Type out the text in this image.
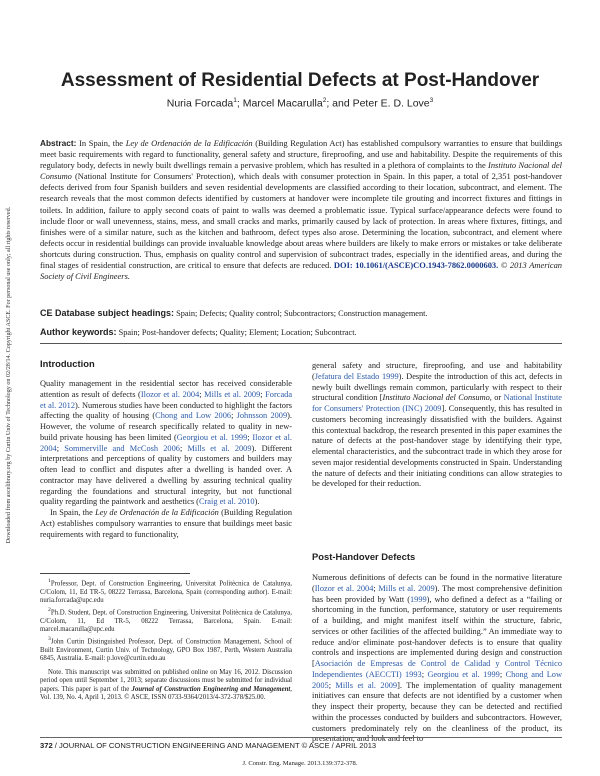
Downloaded from ascelibrary.org by Curtin Univ of Technology on 02/28/14. Copyright ASCE. For personal use only; all rights reserved.
Assessment of Residential Defects at Post-Handover
Nuria Forcada$^1$; Marcel Macarulla$^2$; and Peter E. D. Love$^3$
Abstract: In Spain, the Ley de Ordenación de la Edificación (Building Regulation Act) has established compulsory warranties to ensure that buildings meet basic requirements with regard to functionality, general safety and structure, fireproofing, and use and habitability. Despite the requirements of this regulatory body, defects in newly built dwellings remain a pervasive problem, which has resulted in a plethora of complaints to the Instituto Nacional del Consumo (National Institute for Consumers' Protection), which deals with consumer protection in Spain. In this paper, a total of 2,351 post-handover defects derived from four Spanish builders and seven residential developments are classified according to their location, subcontract, and element. The research reveals that the most common defects identified by customers at handover were incomplete tile grouting and incorrect fixtures and fittings in toilets. In addition, failure to apply second coats of paint to walls was deemed a problematic issue. Typical surface/appearance defects were found to include floor or wall unevenness, stains, mess, and small cracks and marks, primarily caused by lack of protection. In areas where fixtures, fittings, and finishes were of a similar nature, such as the kitchen and bathroom, defect types also arose. Determining the location, subcontract, and element where defects occur in residential buildings can provide invaluable knowledge about areas where builders are likely to make errors or mistakes or take deliberate shortcuts during construction. Thus, emphasis on quality control and supervision of subcontract trades, especially in the identified areas, and during the final stages of residential construction, are critical to ensure that defects are reduced. DOI: 10.1061/(ASCE)CO.1943-7862.0000603. © 2013 American Society of Civil Engineers.
CE Database subject headings: Spain; Defects; Quality control; Subcontractors; Construction management.
Author keywords: Spain; Post-handover defects; Quality; Element; Location; Subcontract.
Introduction

Quality management in the residential sector has received considerable attention as result of defects (Ilozor et al. 2004; Mills et al. 2009; Forcada et al. 2012). Numerous studies have been conducted to highlight the factors affecting the quality of housing (Chong and Low 2006; Johnsson 2009). However, the volume of research specifically related to quality in new-build private housing has been limited (Georgiou et al. 1999; Ilozor et al. 2004; Sommerville and McCosh 2006; Mills et al. 2009). Different interpretations and perceptions of quality by customers and builders may often lead to conflict and disputes after a dwelling is handed over. A contractor may have delivered a dwelling by assuring technical quality regarding the foundations and structural integrity, but not functional quality regarding the paintwork and aesthetics (Craig et al. 2010).

In Spain, the Ley de Ordenación de la Edificación (Building Regulation Act) establishes compulsory warranties to ensure that buildings meet basic requirements with regard to functionality,

general safety and structure, fireproofing, and use and habitability (Jefatura del Estado 1999). Despite the introduction of this act, defects in newly built dwellings remain common, particularly with respect to their structural condition [Instituto Nacional del Consumo, or National Institute for Consumers' Protection (INC) 2009]. Consequently, this has resulted in customers becoming increasingly dissatisfied with the builders. Against this contextual backdrop, the research presented in this paper examines the nature of defects at the post-handover stage by identifying their type, elemental characteristics, and the subcontract trade in which they arose for seven major residential developments constructed in Spain. Understanding the nature of defects and their initiating conditions can allow strategies to be developed for their reduction.

Post-Handover Defects

Numerous definitions of defects can be found in the normative literature (Ilozor et al. 2004; Mills et al. 2009). The most comprehensive definition has been provided by Watt (1999), who defined a defect as a “failing or shortcoming in the function, performance, statutory or user requirements of a building, and might manifest itself within the structure, fabric, services or other facilities of the affected building.” An immediate way to reduce and/or eliminate post-handover defects is to ensure that quality controls and inspections are implemented during design and construction [Asociación de Empresas de Control de Calidad y Control Técnico Independientes (AECCTI) 1993; Georgiou et al. 1999; Chong and Low 2005; Mills et al. 2009]. The implementation of quality management initiatives can ensure that defects are not identified by a customer when they inspect their property, because they can be detected and rectified within the processes conducted by builders and subcontractors. However, customers predominately rely on the cleanliness of the product, its presentation, and look and feel to

$^1$Professor, Dept. of Construction Engineering, Universitat Politècnica de Catalunya, C/Colom, 11, Ed TR-5, 08222 Terrassa, Barcelona, Spain (corresponding author). E-mail: nuria.forcada@upc.edu

$^2$Ph.D. Student, Dept. of Construction Engineering, Universitat Politècnica de Catalunya, C/Colom, 11, Ed TR-5, 08222 Terrassa, Barcelona, Spain. E-mail: marcel.macarulla@upc.edu

$^3$John Curtin Distinguished Professor, Dept. of Construction Management, School of Built Environment, Curtin Univ. of Technology, GPO Box 1987, Perth, Western Australia 6845, Australia. E-mail: p.love@curtin.edu.au

Note. This manuscript was submitted on published online on May 16, 2012. Discussion period open until September 1, 2013; separate discussions must be submitted for individual papers. This paper is part of the Journal of Construction Engineering and Management, Vol. 139, No. 4, April 1, 2013. © ASCE, ISSN 0733-9364/2013/4-372-378/$25.00.

372 / JOURNAL OF CONSTRUCTION ENGINEERING AND MANAGEMENT © ASCE / APRIL 2013
J. Constr. Eng. Manage. 2013.139:372-378.
